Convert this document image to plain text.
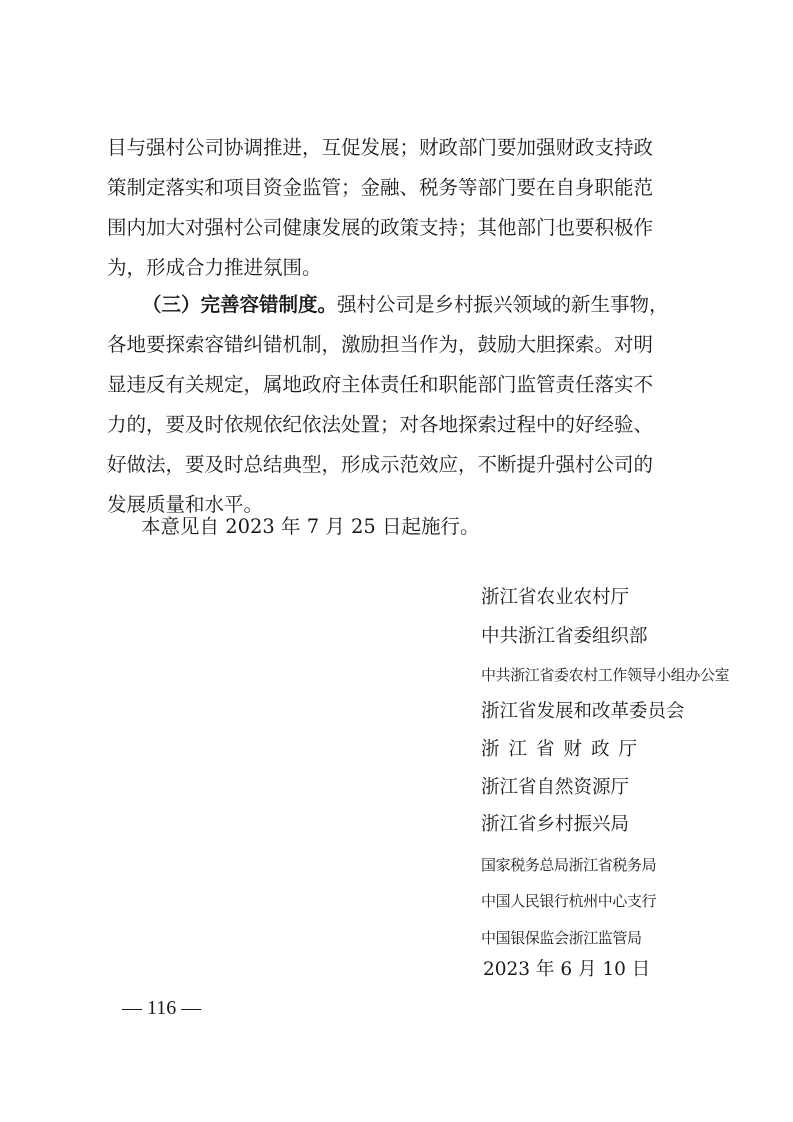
目与强村公司协调推进，互促发展；财政部门要加强财政支持政
策制定落实和项目资金监管；金融、税务等部门要在自身职能范
围内加大对强村公司健康发展的政策支持；其他部门也要积极作
为，形成合力推进氛围。
（三）完善容错制度。强村公司是乡村振兴领域的新生事物，
各地要探索容错纠错机制，激励担当作为，鼓励大胆探索。对明
显违反有关规定，属地政府主体责任和职能部门监管责任落实不
力的，要及时依规依纪依法处置；对各地探索过程中的好经验、
好做法，要及时总结典型，形成示范效应，不断提升强村公司的
发展质量和水平。
本意见自 2023 年 7 月 25 日起施行。
浙江省农业农村厅
中共浙江省委组织部
中共浙江省委农村工作领导小组办公室
浙江省发展和改革委员会
浙江省财政厅
浙江省自然资源厅
浙江省乡村振兴局
国家税务总局浙江省税务局
中国人民银行杭州中心支行
中国银保监会浙江监管局
2023 年 6 月 10 日
— 116 —
